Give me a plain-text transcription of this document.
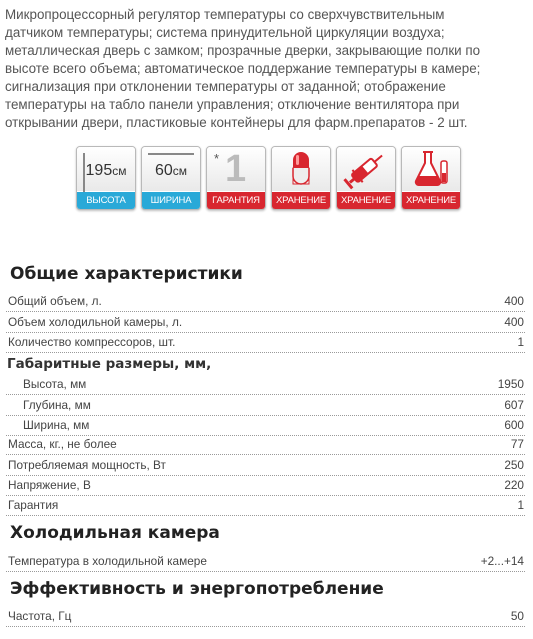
Микропроцессорный регулятор температуры со сверхчувствительным
датчиком температуры; система принудительной циркуляции воздуха;
металлическая дверь с замком; прозрачные дверки, закрывающие полки по
высоте всего объема; автоматическое поддержание температуры в камере;
сигнализация при отклонении температуры от заданной; отображение
температуры на табло панели управления; отключение вентилятора при
открывании двери, пластиковые контейнеры для фарм.препаратов - 2 шт.
195см
ВЫСОТА
60см
ШИРИНА
* 1
ГАРАНТИЯ	ХРАНЕНИЕ	ХРАНЕНИЕ	ХРАНЕНИЕ
Общие характеристики
Общий объем, л.	400
Объем холодильной камеры, л.	400
Количество компрессоров, шт.	1
Габаритные размеры, мм,
Высота, мм	1950
Глубина, мм	607
Ширина, мм	600
Масса, кг., не более	77
Потребляемая мощность, Вт	250
Напряжение, В	220
Гарантия	1
Холодильная камера
Температура в холодильной камере	+2...+14
Эффективность и энергопотребление
Частота, Гц	50
